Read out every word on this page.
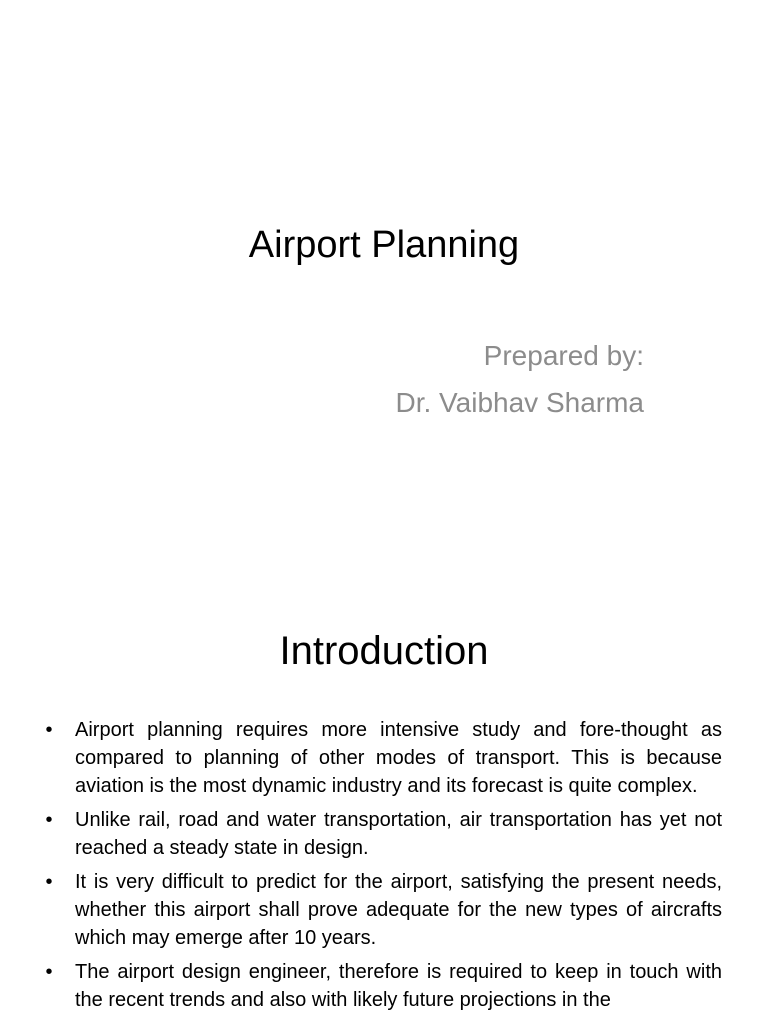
Airport Planning
Prepared by:
Dr. Vaibhav Sharma
Introduction
• Airport planning requires more intensive study and fore-thought as compared to planning of other modes of transport. This is because aviation is the most dynamic industry and its forecast is quite complex.
• Unlike rail, road and water transportation, air transportation has yet not reached a steady state in design.
• It is very difficult to predict for the airport, satisfying the present needs, whether this airport shall prove adequate for the new types of aircrafts which may emerge after 10 years.
• The airport design engineer, therefore is required to keep in touch with the recent trends and also with likely future projections in the
